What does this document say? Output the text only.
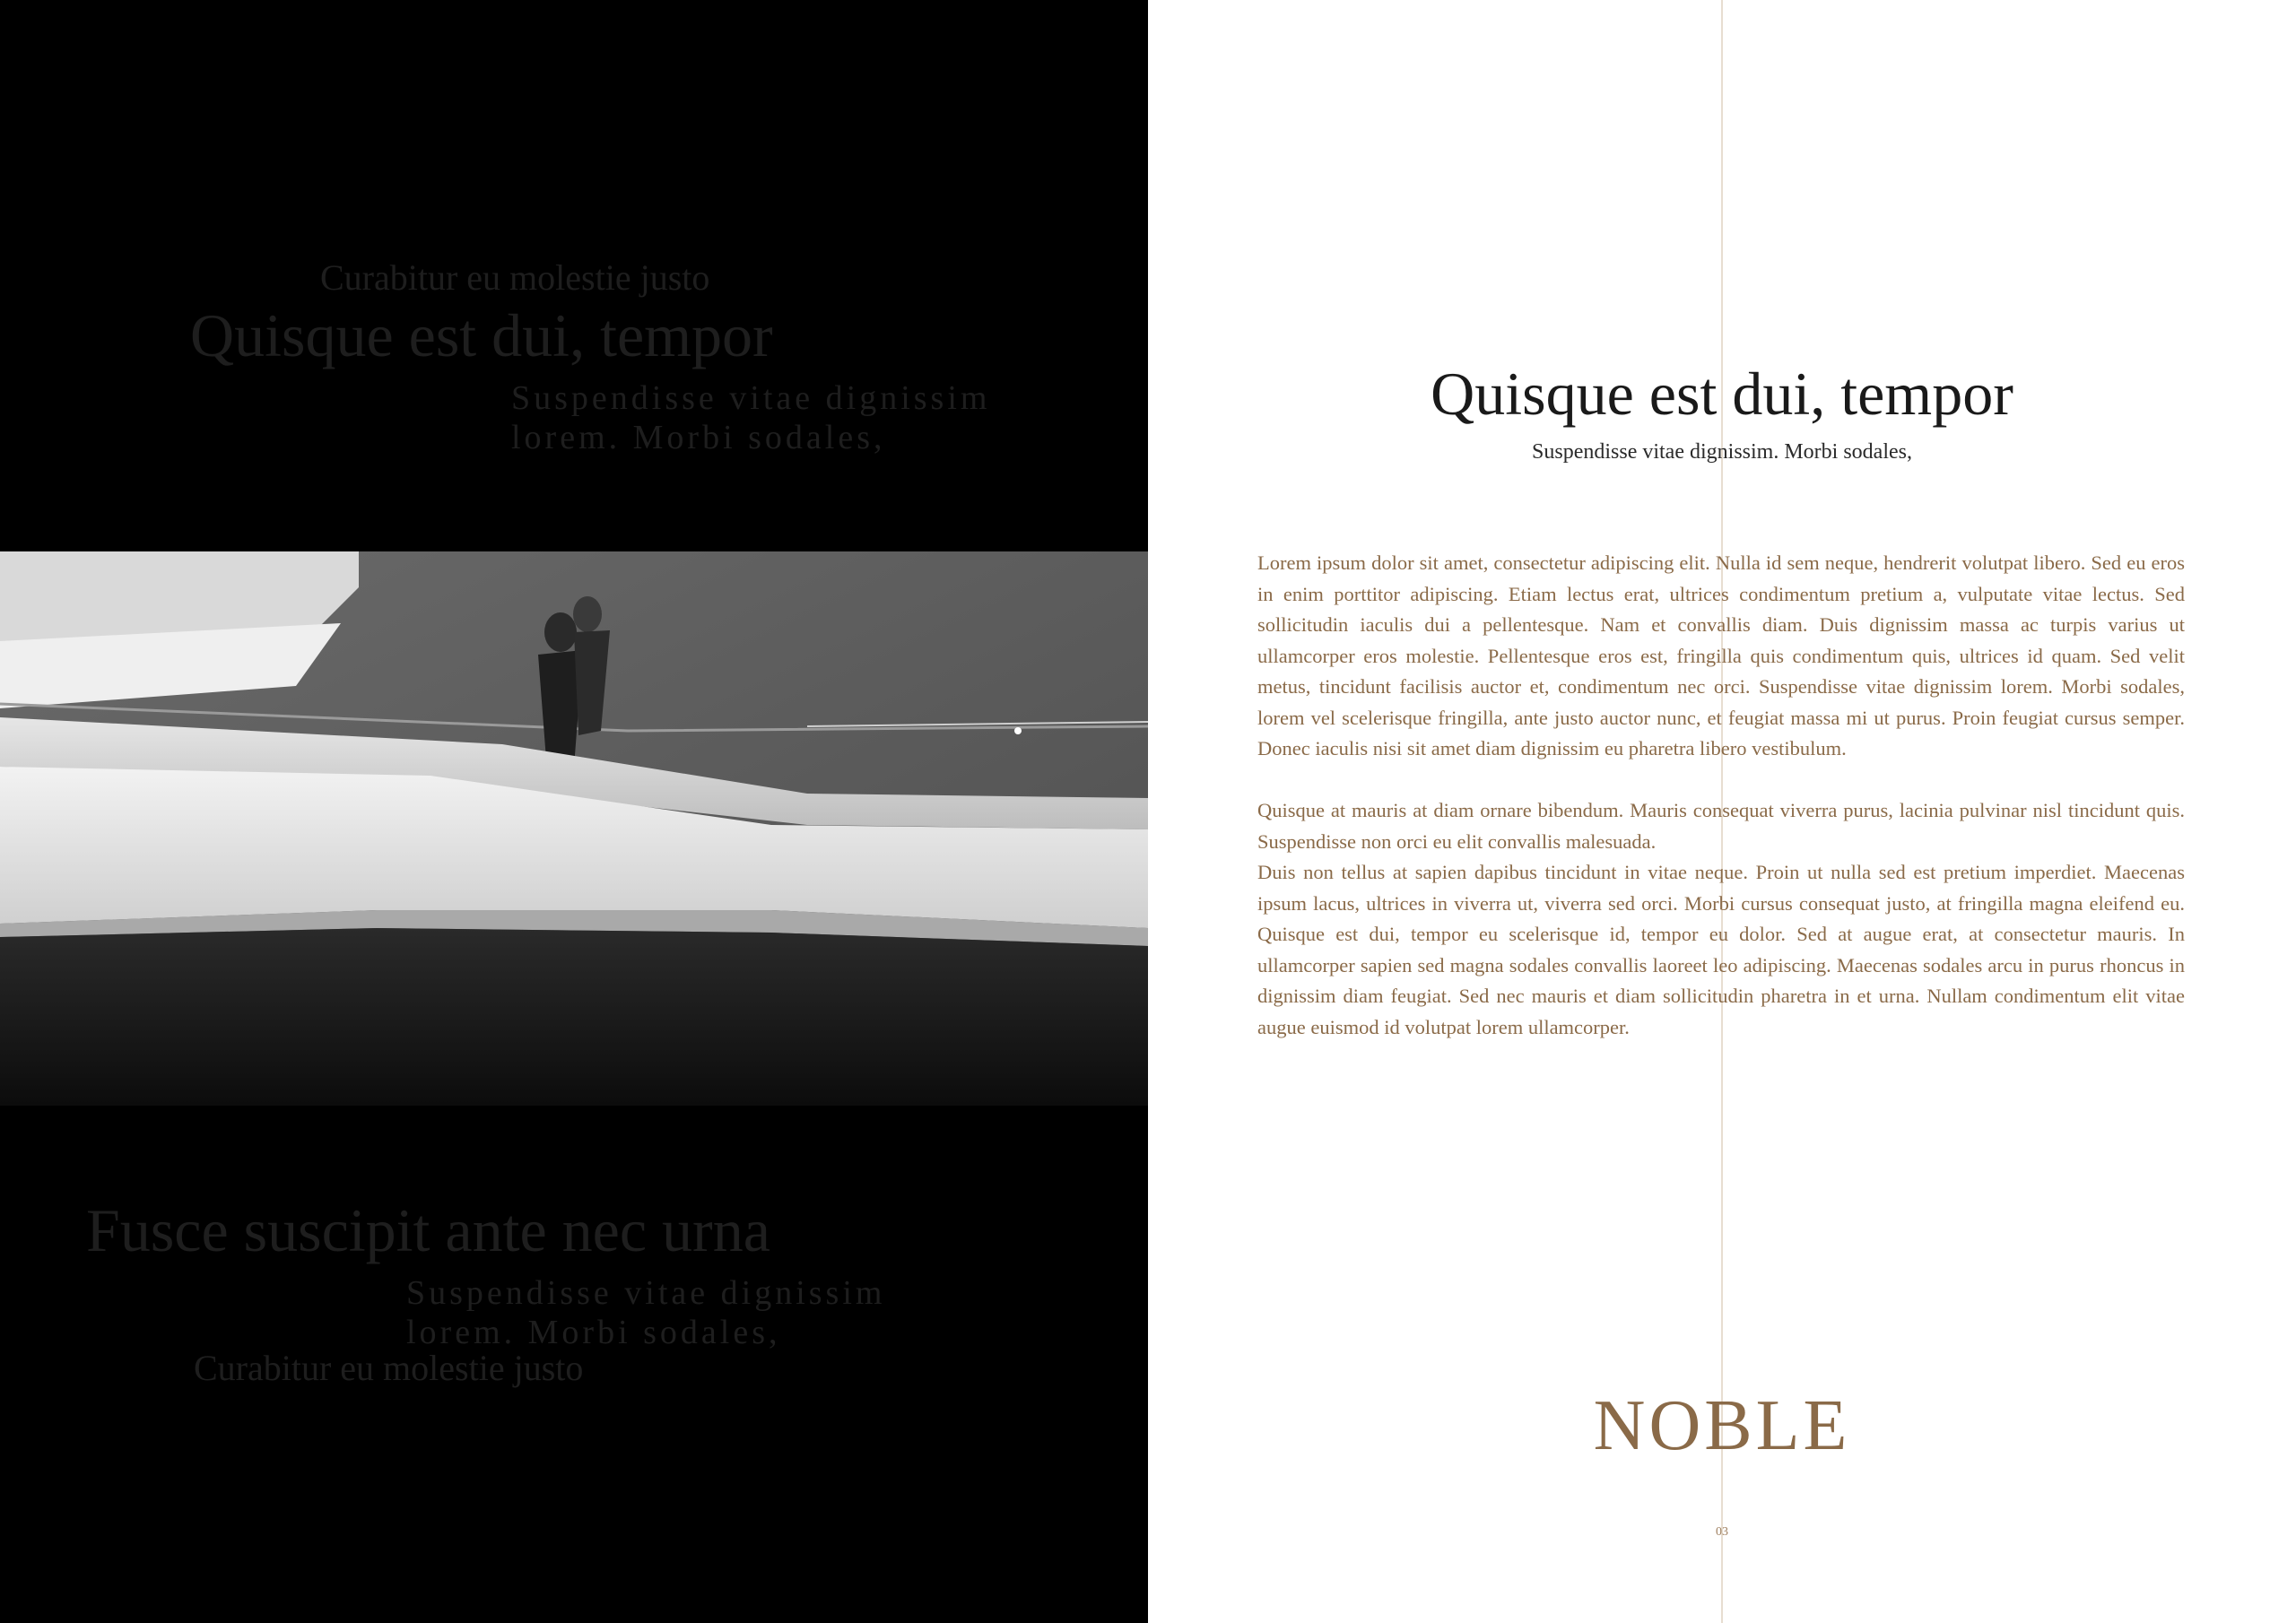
Curabitur eu molestie justo
Quisque est dui, tempor
Suspendisse vitae dignissim lorem. Morbi sodales,
Fusce suscipit ante nec urna
Suspendisse vitae dignissim lorem. Morbi sodales,
Curabitur eu molestie justo
Quisque est dui, tempor
Suspendisse vitae dignissim. Morbi sodales,

Lorem ipsum dolor sit amet, consectetur adipiscing elit. Nulla id sem neque, hendrerit volutpat libero. Sed eu eros in enim porttitor adipiscing. Etiam lectus erat, ultrices condimentum pretium a, vulputate vitae lectus. Sed sollicitudin iaculis dui a pellentesque. Nam et convallis diam. Duis dignissim massa ac turpis varius ut ullamcorper eros molestie. Pellentesque eros est, fringilla quis condimentum quis, ultrices id quam. Sed velit metus, tincidunt facilisis auctor et, condimentum nec orci. Suspendisse vitae dignissim lorem. Morbi sodales, lorem vel scelerisque fringilla, ante justo auctor nunc, et feugiat massa mi ut purus. Proin feugiat cursus semper. Donec iaculis nisi sit amet diam dignissim eu pharetra libero vestibulum.

Quisque at mauris at diam ornare bibendum. Mauris consequat viverra purus, lacinia pulvinar nisl tincidunt quis. Suspendisse non orci eu elit convallis malesuada.

Duis non tellus at sapien dapibus tincidunt in vitae neque. Proin ut nulla sed est pretium imperdiet. Maecenas ipsum lacus, ultrices in viverra ut, viverra sed orci. Morbi cursus consequat justo, at fringilla magna eleifend eu. Quisque est dui, tempor eu scelerisque id, tempor eu dolor. Sed at augue erat, at consectetur mauris. In ullamcorper sapien sed magna sodales convallis laoreet leo adipiscing. Maecenas sodales arcu in purus rhoncus in dignissim diam feugiat. Sed nec mauris et diam sollicitudin pharetra in et urna. Nullam condimentum elit vitae augue euismod id volutpat lorem ullamcorper.

NOBLE
03
